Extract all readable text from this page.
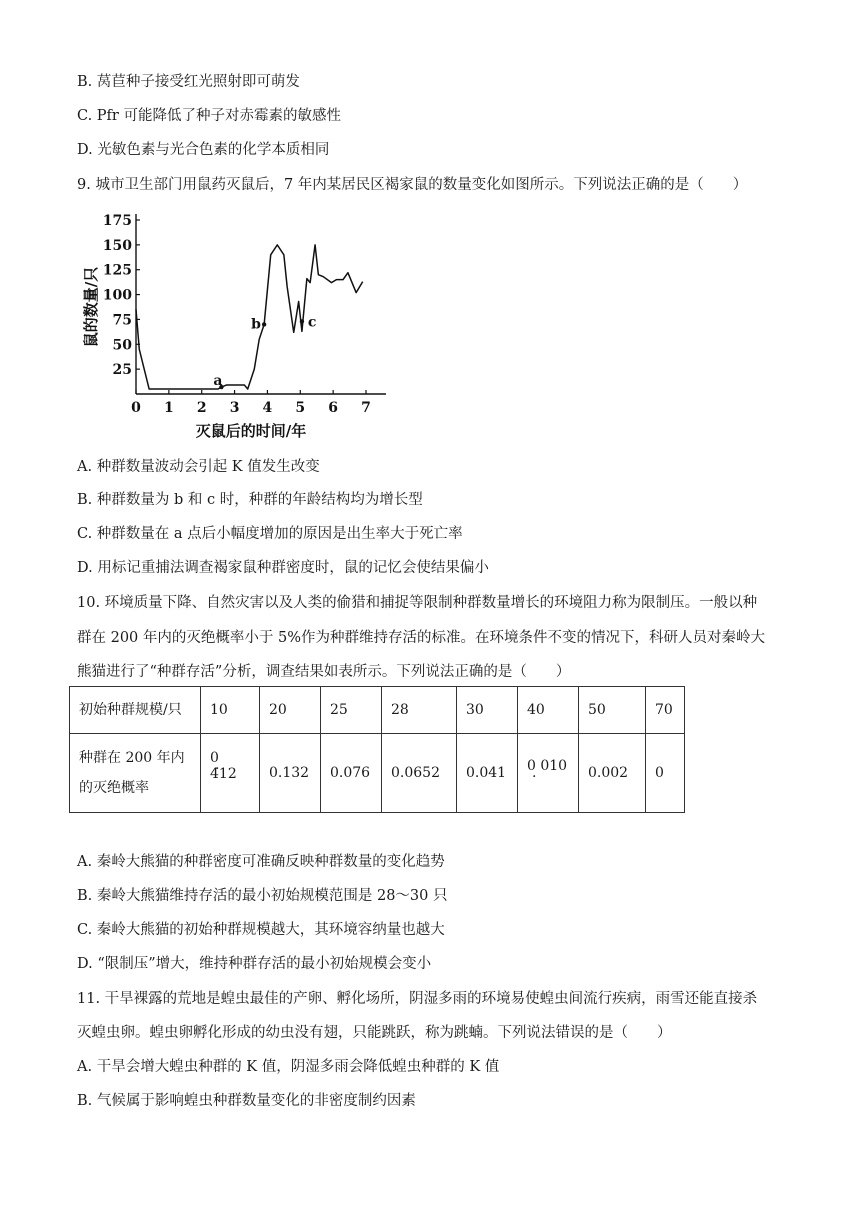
B. 莴苣种子接受红光照射即可萌发
C. Pfr 可能降低了种子对赤霉素的敏感性
D. 光敏色素与光合色素的化学本质相同
9. 城市卫生部门用鼠药灭鼠后，7 年内某居民区褐家鼠的数量变化如图所示。下列说法正确的是（　　）
0 1 2 3 4 5 6 7
25
50
75
100
125
150
175
灭鼠后的时间/年
鼠的数量/只
a
b	c
A. 种群数量波动会引起 K 值发生改变
B. 种群数量为 b 和 c 时，种群的年龄结构均为增长型
C. 种群数量在 a 点后小幅度增加的原因是出生率大于死亡率
D. 用标记重捕法调查褐家鼠种群密度时，鼠的记忆会使结果偏小
10. 环境质量下降、自然灾害以及人类的偷猎和捕捉等限制种群数量增长的环境阻力称为限制压。一般以种
群在 200 年内的灭绝概率小于 5%作为种群维持存活的标准。在环境条件不变的情况下，科研人员对秦岭大
熊猫进行了“种群存活”分析，调查结果如表所示。下列说法正确的是（　　）
初始种群规模/只	10	20	25	28	30	40	50	70
种群在 200 年内的灭绝概率	0 412 ·	0.132	0.076	0.0652	0.041	0 010 ·	0.002	0
A. 秦岭大熊猫的种群密度可准确反映种群数量的变化趋势
B. 秦岭大熊猫维持存活的最小初始规模范围是 28～30 只
C. 秦岭大熊猫的初始种群规模越大，其环境容纳量也越大
D. “限制压”增大，维持种群存活的最小初始规模会变小
11. 干旱裸露的荒地是蝗虫最佳的产卵、孵化场所，阴湿多雨的环境易使蝗虫间流行疾病，雨雪还能直接杀
灭蝗虫卵。蝗虫卵孵化形成的幼虫没有翅，只能跳跃，称为跳蝻。下列说法错误的是（　　）
A. 干旱会增大蝗虫种群的 K 值，阴湿多雨会降低蝗虫种群的 K 值
B. 气候属于影响蝗虫种群数量变化的非密度制约因素
